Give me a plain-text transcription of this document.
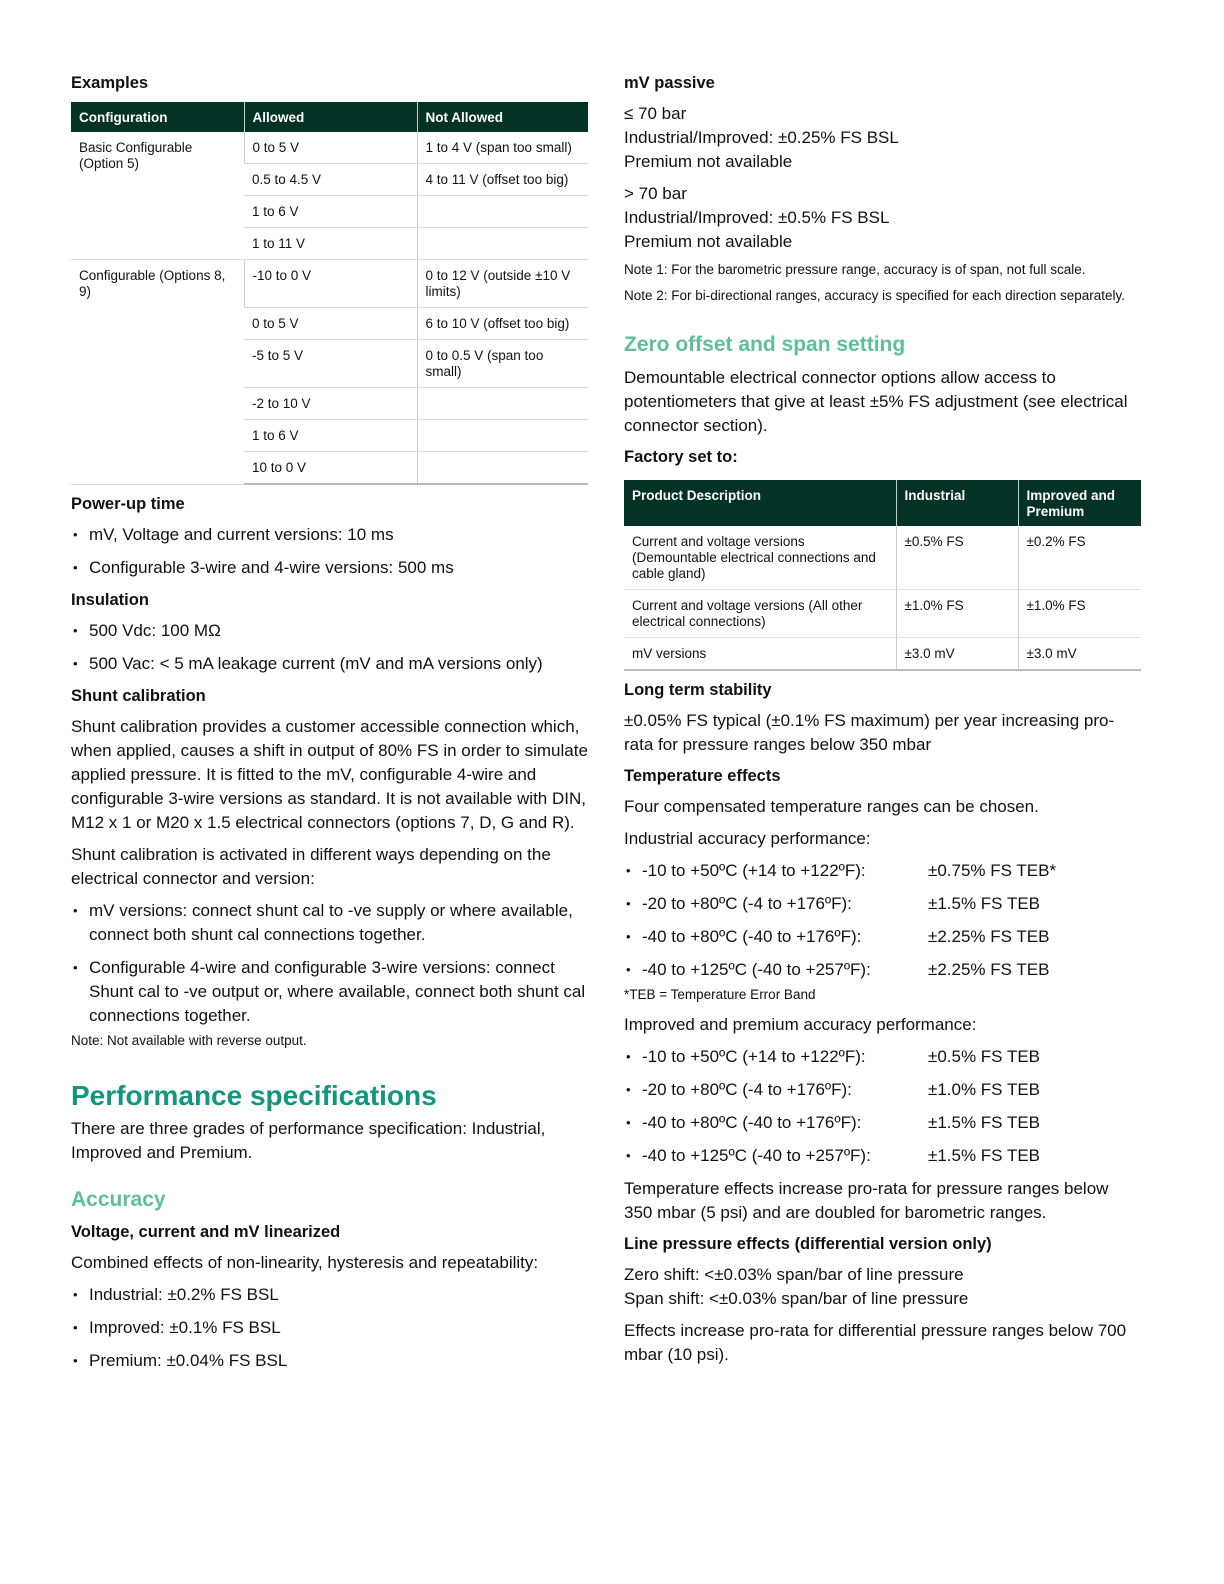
Examples
Configuration	Allowed	Not Allowed
Basic Configurable (Option 5)	0 to 5 V	1 to 4 V (span too small)
	0.5 to 4.5 V	4 to 11 V (offset too big)
	1 to 6 V	
	1 to 11 V	
Configurable (Options 8, 9)	-10 to 0 V	0 to 12 V (outside ±10 V limits)
	0 to 5 V	6 to 10 V (offset too big)
	-5 to 5 V	0 to 0.5 V (span too small)
	-2 to 10 V	
	1 to 6 V	
	10 to 0 V	
Power-up time
• mV, Voltage and current versions: 10 ms
• Configurable 3-wire and 4-wire versions: 500 ms
Insulation
• 500 Vdc: 100 MΩ
• 500 Vac: < 5 mA leakage current (mV and mA versions only)
Shunt calibration
Shunt calibration provides a customer accessible connection which, when applied, causes a shift in output of 80% FS in order to simulate applied pressure. It is fitted to the mV, configurable 4-wire and configurable 3-wire versions as standard. It is not available with DIN, M12 x 1 or M20 x 1.5 electrical connectors (options 7, D, G and R).
Shunt calibration is activated in different ways depending on the electrical connector and version:
• mV versions: connect shunt cal to -ve supply or where available, connect both shunt cal connections together.
• Configurable 4-wire and configurable 3-wire versions: connect Shunt cal to -ve output or, where available, connect both shunt cal connections together.
Note: Not available with reverse output.
Performance specifications
There are three grades of performance specification: Industrial, Improved and Premium.
Accuracy
Voltage, current and mV linearized
Combined effects of non-linearity, hysteresis and repeatability:
• Industrial: ±0.2% FS BSL
• Improved: ±0.1% FS BSL
• Premium: ±0.04% FS BSL
mV passive
≤ 70 bar
Industrial/Improved: ±0.25% FS BSL
Premium not available
> 70 bar
Industrial/Improved: ±0.5% FS BSL
Premium not available
Note 1: For the barometric pressure range, accuracy is of span, not full scale.
Note 2: For bi-directional ranges, accuracy is specified for each direction separately.
Zero offset and span setting
Demountable electrical connector options allow access to potentiometers that give at least ±5% FS adjustment (see electrical connector section).
Factory set to:
Product Description	Industrial	Improved and Premium
Current and voltage versions (Demountable electrical connections and cable gland)	±0.5% FS	±0.2% FS
Current and voltage versions (All other electrical connections)	±1.0% FS	±1.0% FS
mV versions	±3.0 mV	±3.0 mV
Long term stability
±0.05% FS typical (±0.1% FS maximum) per year increasing pro-rata for pressure ranges below 350 mbar
Temperature effects
Four compensated temperature ranges can be chosen.
Industrial accuracy performance:
• -10 to +50ºC (+14 to +122ºF):	±0.75% FS TEB*
• -20 to +80ºC (-4 to +176ºF):	±1.5% FS TEB
• -40 to +80ºC (-40 to +176ºF):	±2.25% FS TEB
• -40 to +125ºC (-40 to +257ºF):	±2.25% FS TEB
*TEB = Temperature Error Band
Improved and premium accuracy performance:
• -10 to +50ºC (+14 to +122ºF):	±0.5% FS TEB
• -20 to +80ºC (-4 to +176ºF):	±1.0% FS TEB
• -40 to +80ºC (-40 to +176ºF):	±1.5% FS TEB
• -40 to +125ºC (-40 to +257ºF):	±1.5% FS TEB
Temperature effects increase pro-rata for pressure ranges below 350 mbar (5 psi) and are doubled for barometric ranges.
Line pressure effects (differential version only)
Zero shift: <±0.03% span/bar of line pressure
Span shift: <±0.03% span/bar of line pressure
Effects increase pro-rata for differential pressure ranges below 700 mbar (10 psi).
